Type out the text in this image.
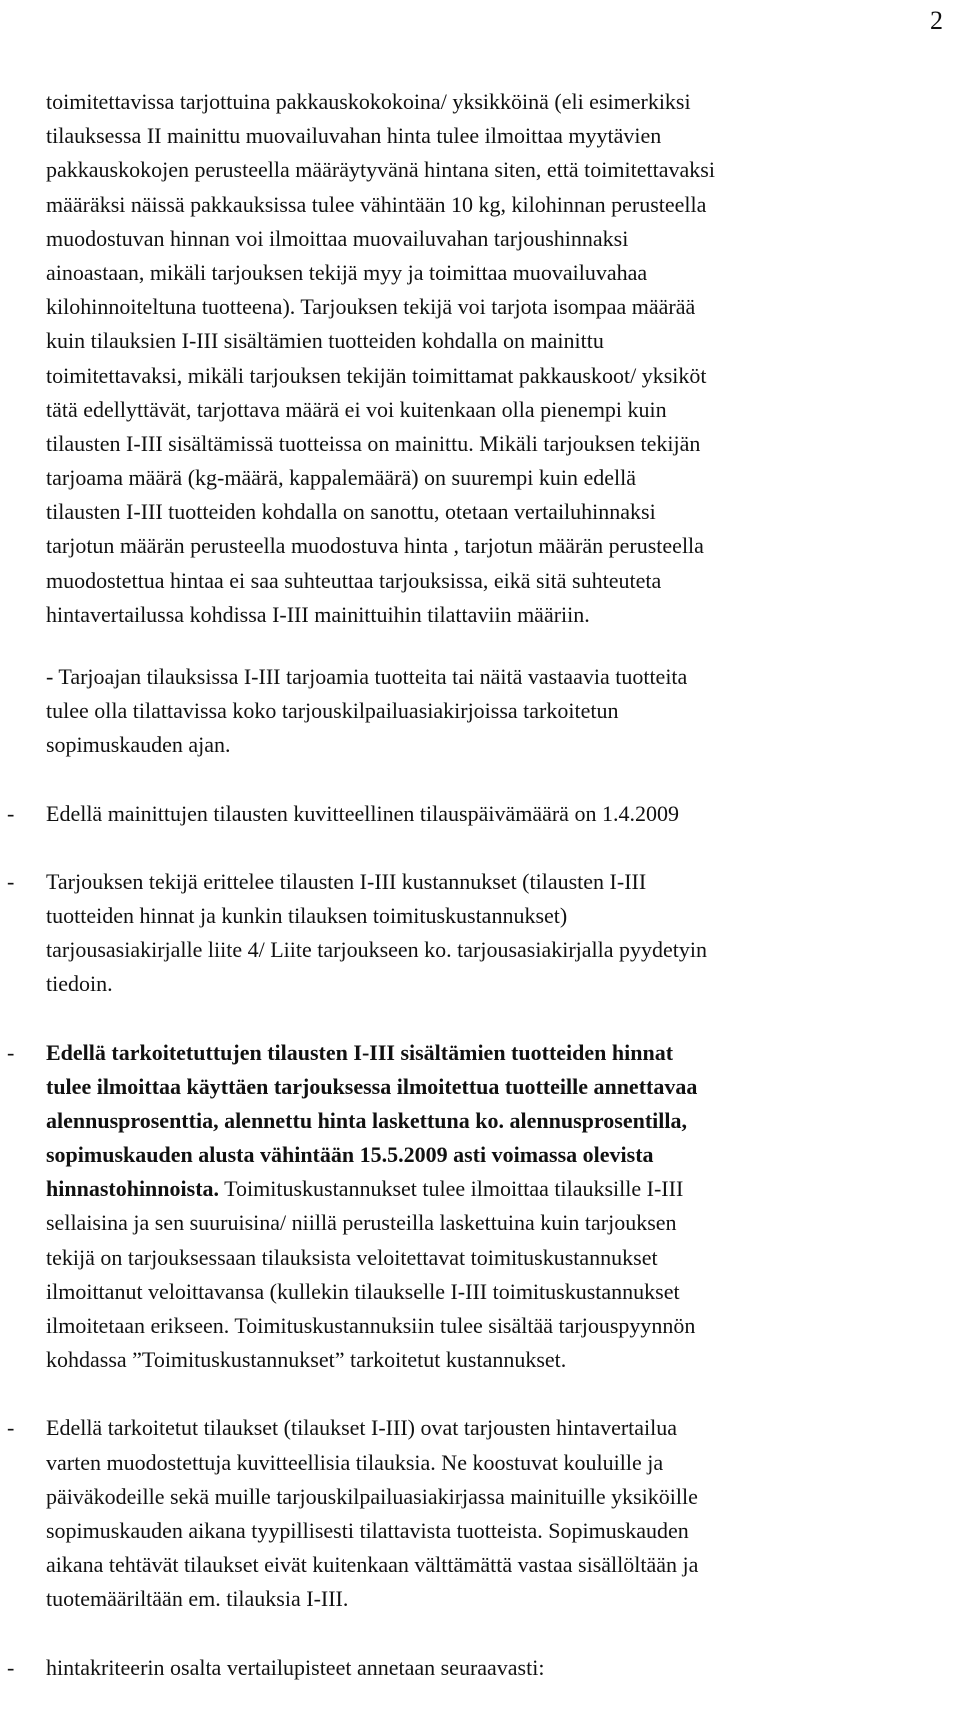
2
toimitettavissa tarjottuina pakkauskokokoina/ yksikköinä (eli esimerkiksi
tilauksessa II mainittu muovailuvahan hinta tulee ilmoittaa myytävien
pakkauskokojen perusteella määräytyvänä hintana siten, että toimitettavaksi
määräksi näissä pakkauksissa tulee vähintään 10 kg, kilohinnan perusteella
muodostuvan hinnan voi ilmoittaa muovailuvahan tarjoushinnaksi
ainoastaan, mikäli tarjouksen tekijä myy ja toimittaa muovailuvahaa
kilohinnoiteltuna tuotteena). Tarjouksen tekijä voi tarjota isompaa määrää
kuin tilauksien I-III sisältämien tuotteiden kohdalla on mainittu
toimitettavaksi, mikäli tarjouksen tekijän toimittamat pakkauskoot/ yksiköt
tätä edellyttävät, tarjottava määrä ei voi kuitenkaan olla pienempi kuin
tilausten I-III sisältämissä tuotteissa on mainittu. Mikäli tarjouksen tekijän
tarjoama määrä (kg-määrä, kappalemäärä) on suurempi kuin edellä
tilausten I-III tuotteiden kohdalla on sanottu, otetaan vertailuhinnaksi
tarjotun määrän perusteella muodostuva hinta , tarjotun määrän perusteella
muodostettua hintaa ei saa suhteuttaa tarjouksissa, eikä sitä suhteuteta
hintavertailussa kohdissa I-III mainittuihin tilattaviin määriin.
- Tarjoajan tilauksissa I-III tarjoamia tuotteita tai näitä vastaavia tuotteita
tulee olla tilattavissa koko tarjouskilpailuasiakirjoissa tarkoitetun
sopimuskauden ajan.
- Edellä mainittujen tilausten kuvitteellinen tilauspäivämäärä on 1.4.2009
- Tarjouksen tekijä erittelee tilausten I-III kustannukset (tilausten I-III
tuotteiden hinnat ja kunkin tilauksen toimituskustannukset)
tarjousasiakirjalle liite 4/ Liite tarjoukseen ko. tarjousasiakirjalla pyydetyin
tiedoin.
- Edellä tarkoitetuttujen tilausten I-III sisältämien tuotteiden hinnat
tulee ilmoittaa käyttäen tarjouksessa ilmoitettua tuotteille annettavaa
alennusprosenttia, alennettu hinta laskettuna ko. alennusprosentilla,
sopimuskauden alusta vähintään 15.5.2009 asti voimassa olevista
hinnastohinnoista. Toimituskustannukset tulee ilmoittaa tilauksille I-III
sellaisina ja sen suuruisina/ niillä perusteilla laskettuina kuin tarjouksen
tekijä on tarjouksessaan tilauksista veloitettavat toimituskustannukset
ilmoittanut veloittavansa (kullekin tilaukselle I-III toimituskustannukset
ilmoitetaan erikseen. Toimituskustannuksiin tulee sisältää tarjouspyynnön
kohdassa ”Toimituskustannukset” tarkoitetut kustannukset.
- Edellä tarkoitetut tilaukset (tilaukset I-III) ovat tarjousten hintavertailua
varten muodostettuja kuvitteellisia tilauksia. Ne koostuvat kouluille ja
päiväkodeille sekä muille tarjouskilpailuasiakirjassa mainituille yksiköille
sopimuskauden aikana tyypillisesti tilattavista tuotteista. Sopimuskauden
aikana tehtävät tilaukset eivät kuitenkaan välttämättä vastaa sisällöltään ja
tuotemääriltään em. tilauksia I-III.
- hintakriteerin osalta vertailupisteet annetaan seuraavasti:
